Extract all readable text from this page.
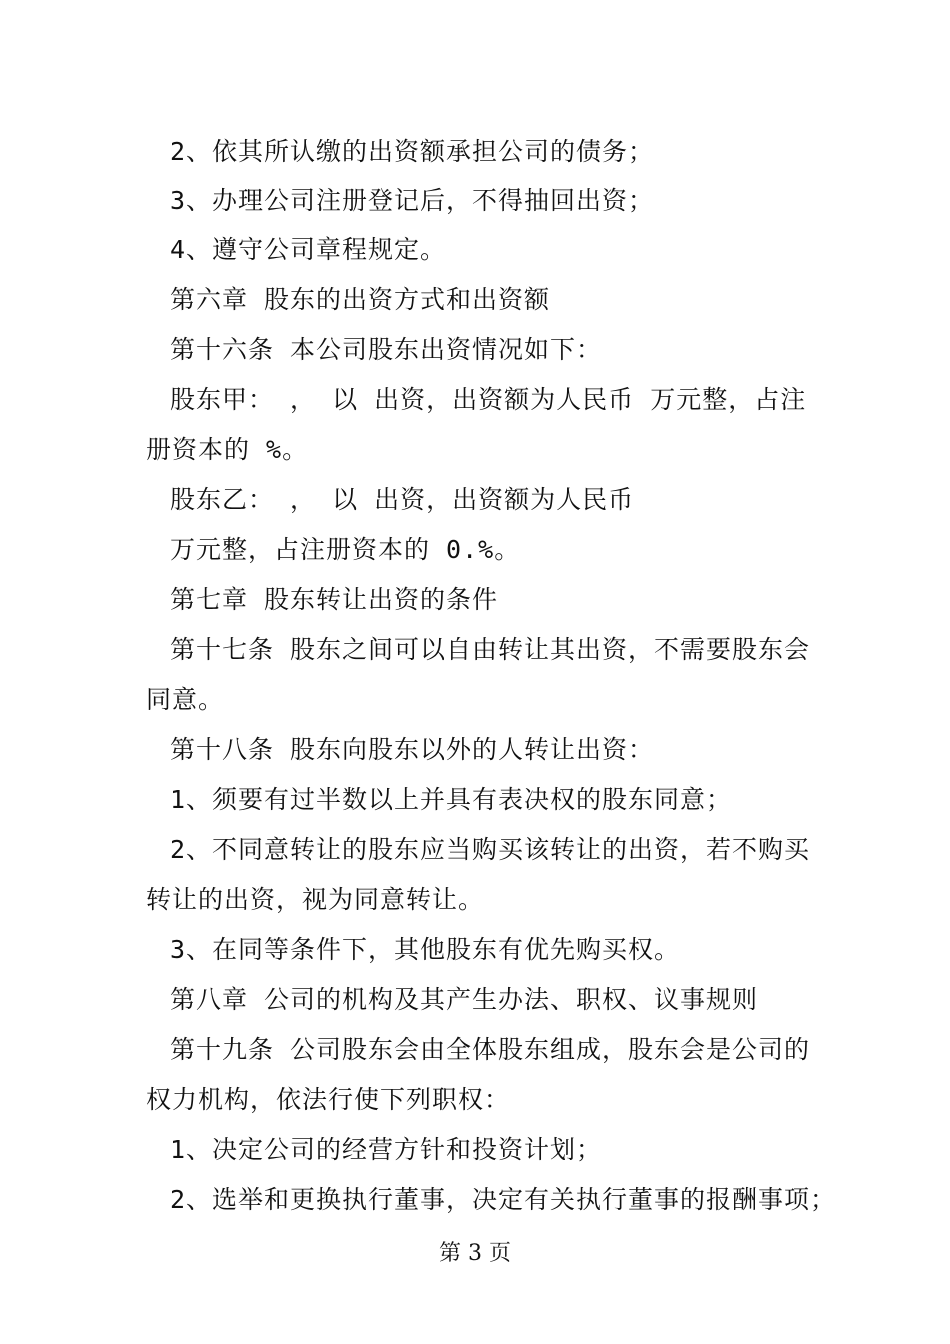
2、依其所认缴的出资额承担公司的债务；
3、办理公司注册登记后，不得抽回出资；
4、遵守公司章程规定。
第六章 股东的出资方式和出资额
第十六条 本公司股东出资情况如下：
股东甲： ， 以 出资，出资额为人民币 万元整，占注
册资本的 %。
股东乙： ， 以 出资，出资额为人民币
万元整，占注册资本的 0.%。
第七章 股东转让出资的条件
第十七条 股东之间可以自由转让其出资，不需要股东会
同意。
第十八条 股东向股东以外的人转让出资：
1、须要有过半数以上并具有表决权的股东同意；
2、不同意转让的股东应当购买该转让的出资，若不购买
转让的出资，视为同意转让。
3、在同等条件下，其他股东有优先购买权。
第八章 公司的机构及其产生办法、职权、议事规则
第十九条 公司股东会由全体股东组成，股东会是公司的
权力机构，依法行使下列职权：
1、决定公司的经营方针和投资计划；
2、选举和更换执行董事，决定有关执行董事的报酬事项；
第 3 页
